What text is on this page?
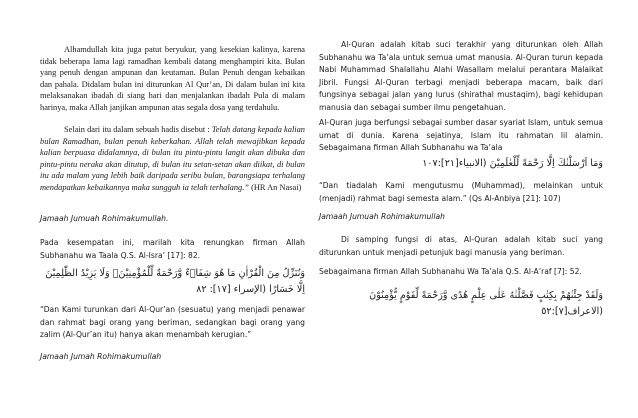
Alhamdullah kita juga patut beryukur, yang kesekian kalinya, karena tidak beberapa lama lagi ramadhan kembali datang menghampiri kita. Bulan yang penuh dengan ampunan dan keutaman. Bulan Penuh dengan kebaikan dan pahala. Didalam bulan ini diturunkan Al Qur’an, Di dalam bulan ini kita melaksanakan ibadah di siang hari dan menjalankan ibadah Pula di malam harinya, maka Allah janjikan ampunan atas segala dosa yang terdahulu.

Selain dari itu dalam sebuah hadis disebut : Telah datang kepada kalian bulan Ramadhan, bulan penuh keberkahan. Allah telah mewajibkan kepada kalian berpuasa didalamnya, di bulan itu pintu-pintu langit akan dibuka dan pintu-pintu neraka akan ditutup, di bulan itu setan-setan akan diikat, di bulan itu ada malam yang lebih baik daripada seribu bulan, barangsiapa terhalang mendapatkan kebaikannya maka sungguh ia telah terhalang.” (HR An Nasai)

Jamaah Jumuah Rohimakumullah.

Pada kesempatan ini, marilah kita renungkan firman Allah Subhanahu wa Taala Q.S. Al-Isra’ [17]: 82.

وَنُنَزِّلُ مِنَ الْقُرْاٰنِ مَا هُوَ شِفَاۤءٌ وَّرَحْمَةٌ لِّلْمُؤْمِنِيْنَۙ وَلَا يَزِيْدُ الظّٰلِمِيْنَ اِلَّا خَسَارًا (الإسراء [١٧]: ٨٢

“Dan Kami turunkan dari Al-Qur’an (sesuatu) yang menjadi penawar dan rahmat bagi orang yang beriman, sedangkan bagi orang yang zalim (Al-Qur’an itu) hanya akan menambah kerugian.”

Jamaah Jumah Rohimakumullah

Al-Quran adalah kitab suci terakhir yang diturunkan oleh Allah Subhanahu wa Ta’ala untuk semua umat manusia. Al-Quran turun kepada Nabi Muhammad Shalallahu Alahi Wasallam melalui perantara Malaikat Jibril. Fungsi Al-Quran terbagi menjadi beberapa macam, baik dari fungsinya sebagai jalan yang lurus (shirathal mustaqim), bagi kehidupan manusia dan sebagai sumber ilmu pengetahuan.

Al-Quran juga berfungsi sebagai sumber dasar syariat Islam, untuk semua umat di dunia. Karena sejatinya, Islam itu rahmatan lil alamin. Sebagaimana firman Allah Subhanahu wa Ta’ala

وَمَا اَرْسَلْنٰكَ اِلَّا رَحْمَةً لِّلْعٰلَمِيْنَ (الانبياء[٢١]:١٠٧

“Dan tiadalah Kami mengutusmu (Muhammad), melainkan untuk (menjadi) rahmat bagi semesta alam.” (Qs Al-Anbiya [21]: 107)

Jamaah Jumuah Rohimakumullah

Di samping fungsi di atas, Al-Quran adalah kitab suci yang diturunkan untuk menjadi petunjuk bagi manusia yang beriman.

Sebagaimana firman Allah Subhanahu Wa Ta’ala Q.S. Al-A’raf [7]: 52.

وَلَقَدْ جِئْنٰهُمْ بِكِتٰبٍ فَصَّلْنٰهُ عَلٰى عِلْمٍ هُدًى وَّرَحْمَةً لِّقَوْمٍ يُّؤْمِنُوْنَ (الاعراف[٧]:٥٢
